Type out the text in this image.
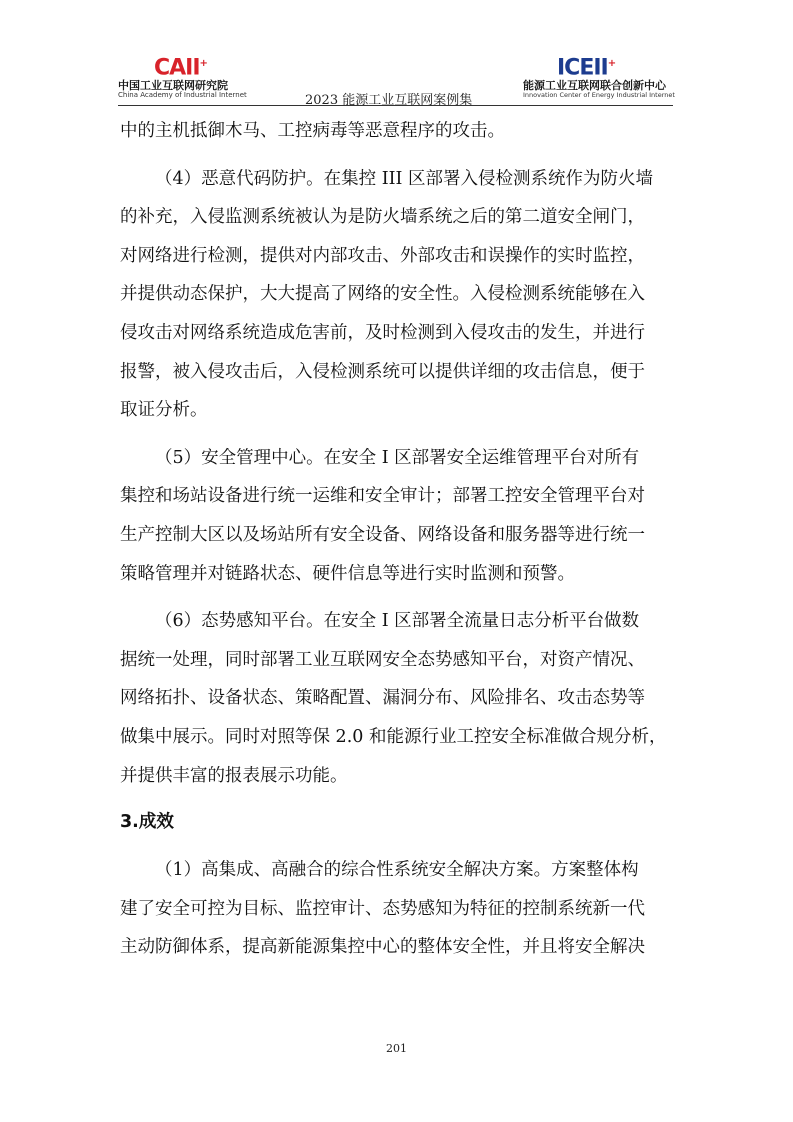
CAII+
中国工业互联网研究院
China Academy of Industrial Internet	2023 能源工业互联网案例集
ICEII+
能源工业互联网联合创新中心
Innovation Center of Energy Industrial Internet

中的主机抵御木马、工控病毒等恶意程序的攻击。

（4）恶意代码防护。在集控 III 区部署入侵检测系统作为防火墙
的补充，入侵监测系统被认为是防火墙系统之后的第二道安全闸门，
对网络进行检测，提供对内部攻击、外部攻击和误操作的实时监控，
并提供动态保护，大大提高了网络的安全性。入侵检测系统能够在入
侵攻击对网络系统造成危害前，及时检测到入侵攻击的发生，并进行
报警，被入侵攻击后，入侵检测系统可以提供详细的攻击信息，便于
取证分析。

（5）安全管理中心。在安全 I 区部署安全运维管理平台对所有
集控和场站设备进行统一运维和安全审计；部署工控安全管理平台对
生产控制大区以及场站所有安全设备、网络设备和服务器等进行统一
策略管理并对链路状态、硬件信息等进行实时监测和预警。

（6）态势感知平台。在安全 I 区部署全流量日志分析平台做数
据统一处理，同时部署工业互联网安全态势感知平台，对资产情况、
网络拓扑、设备状态、策略配置、漏洞分布、风险排名、攻击态势等
做集中展示。同时对照等保 2.0 和能源行业工控安全标准做合规分析，
并提供丰富的报表展示功能。

3.成效

（1）高集成、高融合的综合性系统安全解决方案。方案整体构
建了安全可控为目标、监控审计、态势感知为特征的控制系统新一代
主动防御体系，提高新能源集控中心的整体安全性，并且将安全解决

201
